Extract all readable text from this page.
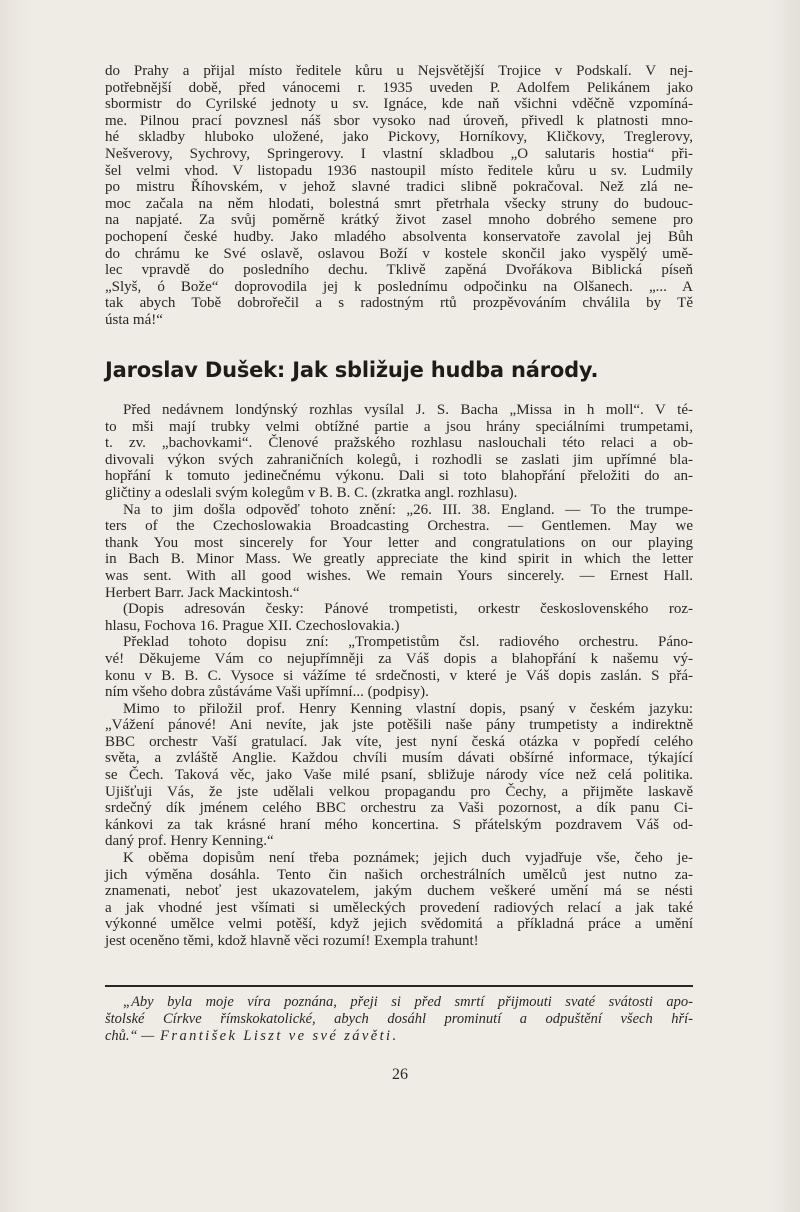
do Prahy a přijal místo ředitele kůru u Nejsvětější Trojice v Podskalí. V nej-
potřebnější době, před vánocemi r. 1935 uveden P. Adolfem Pelikánem jako
sbormistr do Cyrilské jednoty u sv. Ignáce, kde naň všichni vděčně vzpomíná-
me. Pilnou prací povznesl náš sbor vysoko nad úroveň, přivedl k platnosti mno-
hé skladby hluboko uložené, jako Pickovy, Horníkovy, Kličkovy, Treglerovy,
Nešverovy, Sychrovy, Springerovy. I vlastní skladbou „O salutaris hostia“ při-
šel velmi vhod. V listopadu 1936 nastoupil místo ředitele kůru u sv. Ludmily
po mistru Říhovském, v jehož slavné tradici slibně pokračoval. Než zlá ne-
moc začala na něm hlodati, bolestná smrt přetrhala všecky struny do budouc-
na napjaté. Za svůj poměrně krátký život zasel mnoho dobrého semene pro
pochopení české hudby. Jako mladého absolventa konservatoře zavolal jej Bůh
do chrámu ke Své oslavě, oslavou Boží v kostele skončil jako vyspělý umě-
lec vpravdě do posledního dechu. Tklivě zapěná Dvořákova Biblická píseň
„Slyš, ó Bože“ doprovodila jej k poslednímu odpočinku na Olšanech. „... A
tak abych Tobě dobrořečil a s radostným rtů prozpěvováním chválila by Tě
ústa má!“
Jaroslav Dušek: Jak sbližuje hudba národy.
Před nedávnem londýnský rozhlas vysílal J. S. Bacha „Missa in h moll“. V té-
to mši mají trubky velmi obtížné partie a jsou hrány speciálními trumpetami,
t. zv. „bachovkami“. Členové pražského rozhlasu naslouchali této relaci a ob-
divovali výkon svých zahraničních kolegů, i rozhodli se zaslati jim upřímné bla-
hopřání k tomuto jedinečnému výkonu. Dali si toto blahopřání přeložiti do an-
gličtiny a odeslali svým kolegům v B. B. C. (zkratka angl. rozhlasu).
Na to jim došla odpověď tohoto znění: „26. III. 38. England. — To the trumpe-
ters of the Czechoslowakia Broadcasting Orchestra. — Gentlemen. May we
thank You most sincerely for Your letter and congratulations on our playing
in Bach B. Minor Mass. We greatly appreciate the kind spirit in which the letter
was sent. With all good wishes. We remain Yours sincerely. — Ernest Hall.
Herbert Barr. Jack Mackintosh.“
(Dopis adresován česky: Pánové trompetisti, orkestr československého roz-
hlasu, Fochova 16. Prague XII. Czechoslovakia.)
Překlad tohoto dopisu zní: „Trompetistům čsl. radiového orchestru. Páno-
vé! Děkujeme Vám co nejupřímněji za Váš dopis a blahopřání k našemu vý-
konu v B. B. C. Vysoce si vážíme té srdečnosti, v které je Váš dopis zaslán. S přá-
ním všeho dobra zůstáváme Vaši upřímní... (podpisy).
Mimo to přiložil prof. Henry Kenning vlastní dopis, psaný v českém jazyku:
„Vážení pánové! Ani nevíte, jak jste potěšili naše pány trumpetisty a indirektně
BBC orchestr Vaší gratulací. Jak víte, jest nyní česká otázka v popředí celého
světa, a zvláště Anglie. Každou chvíli musím dávati obšírné informace, týkající
se Čech. Taková věc, jako Vaše milé psaní, sbližuje národy více než celá politika.
Ujišťuji Vás, že jste udělali velkou propagandu pro Čechy, a přijměte laskavě
srdečný dík jménem celého BBC orchestru za Vaši pozornost, a dík panu Ci-
kánkovi za tak krásné hraní mého koncertina. S přátelským pozdravem Váš od-
daný prof. Henry Kenning.“
K oběma dopisům není třeba poznámek; jejich duch vyjadřuje vše, čeho je-
jich výměna dosáhla. Tento čin našich orchestrálních umělců jest nutno za-
znamenati, neboť jest ukazovatelem, jakým duchem veškeré umění má se nésti
a jak vhodné jest všímati si uměleckých provedení radiových relací a jak také
výkonné umělce velmi potěší, když jejich svědomitá a příkladná práce a umění
jest oceněno těmi, kdož hlavně věci rozumí! Exempla trahunt!
„Aby byla moje víra poznána, přeji si před smrtí přijmouti svaté svátosti apo-
štolské Církve římskokatolické, abych dosáhl prominutí a odpuštění všech hří-
chů.“ — František Liszt ve své závěti.
26
